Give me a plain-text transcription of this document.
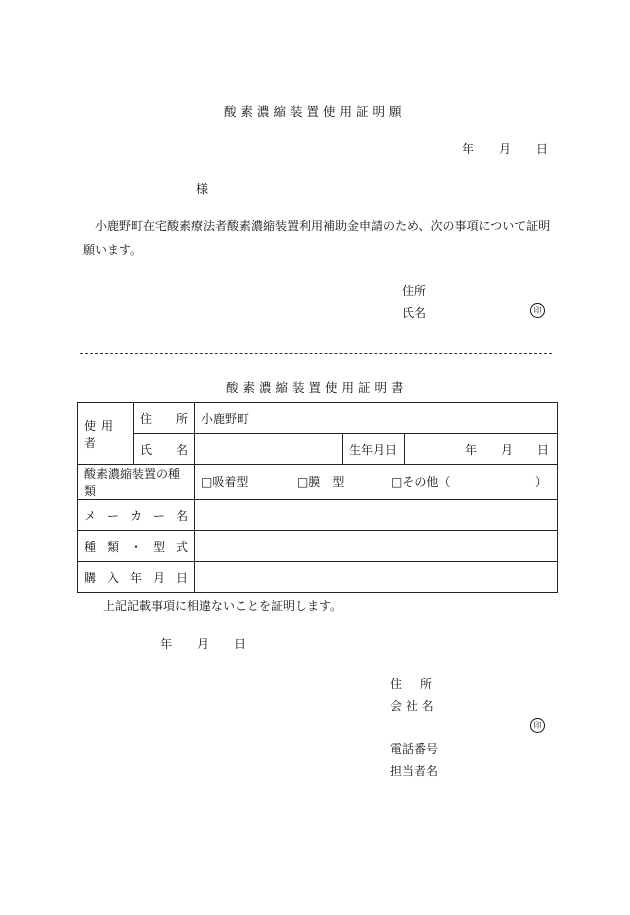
酸素濃縮装置使用証明願
年 月 日
様
小鹿野町在宅酸素療法者酸素濃縮装置利用補助金申請のため、次の事項について証明願います。
住所
氏名	印
酸素濃縮装置使用証明書
使用者	住 所	小鹿野町		

	氏 名		生年月日	年 月 日

酸素濃縮装置の種類		□吸着型 □膜　型 □その他（ ）		

メ ー カ ー 名				

種 類 ・ 型 式				

購 入 年 月 日				

上記記載事項に相違ないことを証明します。
年 月 日
住　所
会 社 名
印
電話番号
担当者名
